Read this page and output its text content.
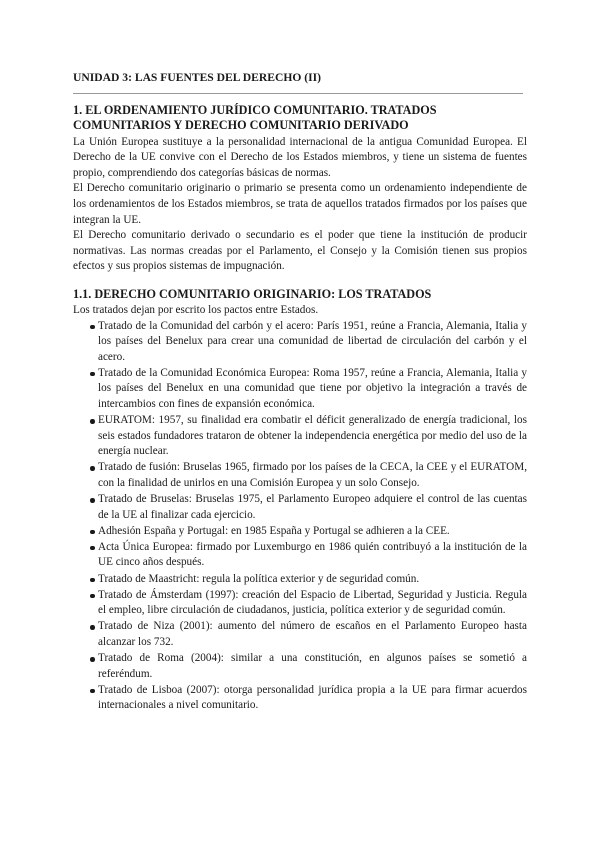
UNIDAD 3: LAS FUENTES DEL DERECHO (II)
1. EL ORDENAMIENTO JURÍDICO COMUNITARIO. TRATADOS
COMUNITARIOS Y DERECHO COMUNITARIO DERIVADO

La Unión Europea sustituye a la personalidad internacional de la antigua Comunidad Europea. El Derecho de la UE convive con el Derecho de los Estados miembros, y tiene un sistema de fuentes propio, comprendiendo dos categorías básicas de normas.

El Derecho comunitario originario o primario se presenta como un ordenamiento independiente de los ordenamientos de los Estados miembros, se trata de aquellos tratados firmados por los países que integran la UE.

El Derecho comunitario derivado o secundario es el poder que tiene la institución de producir normativas. Las normas creadas por el Parlamento, el Consejo y la Comisión tienen sus propios efectos y sus propios sistemas de impugnación.

1.1. DERECHO COMUNITARIO ORIGINARIO: LOS TRATADOS

Los tratados dejan por escrito los pactos entre Estados.

Tratado de la Comunidad del carbón y el acero: París 1951, reúne a Francia, Alemania, Italia y los países del Benelux para crear una comunidad de libertad de circulación del carbón y el acero.
Tratado de la Comunidad Económica Europea: Roma 1957, reúne a Francia, Alemania, Italia y los países del Benelux en una comunidad que tiene por objetivo la integración a través de intercambios con fines de expansión económica.
EURATOM: 1957, su finalidad era combatir el déficit generalizado de energía tradicional, los seis estados fundadores trataron de obtener la independencia energética por medio del uso de la energía nuclear.
Tratado de fusión: Bruselas 1965, firmado por los países de la CECA, la CEE y el EURATOM, con la finalidad de unirlos en una Comisión Europea y un solo Consejo.
Tratado de Bruselas: Bruselas 1975, el Parlamento Europeo adquiere el control de las cuentas de la UE al finalizar cada ejercicio.
Adhesión España y Portugal: en 1985 España y Portugal se adhieren a la CEE.
Acta Única Europea: firmado por Luxemburgo en 1986 quién contribuyó a la institución de la UE cinco años después.
Tratado de Maastricht: regula la política exterior y de seguridad común.
Tratado de Ámsterdam (1997): creación del Espacio de Libertad, Seguridad y Justicia. Regula el empleo, libre circulación de ciudadanos, justicia, política exterior y de seguridad común.
Tratado de Niza (2001): aumento del número de escaños en el Parlamento Europeo hasta alcanzar los 732.
Tratado de Roma (2004): similar a una constitución, en algunos países se sometió a referéndum.
Tratado de Lisboa (2007): otorga personalidad jurídica propia a la UE para firmar acuerdos internacionales a nivel comunitario.
